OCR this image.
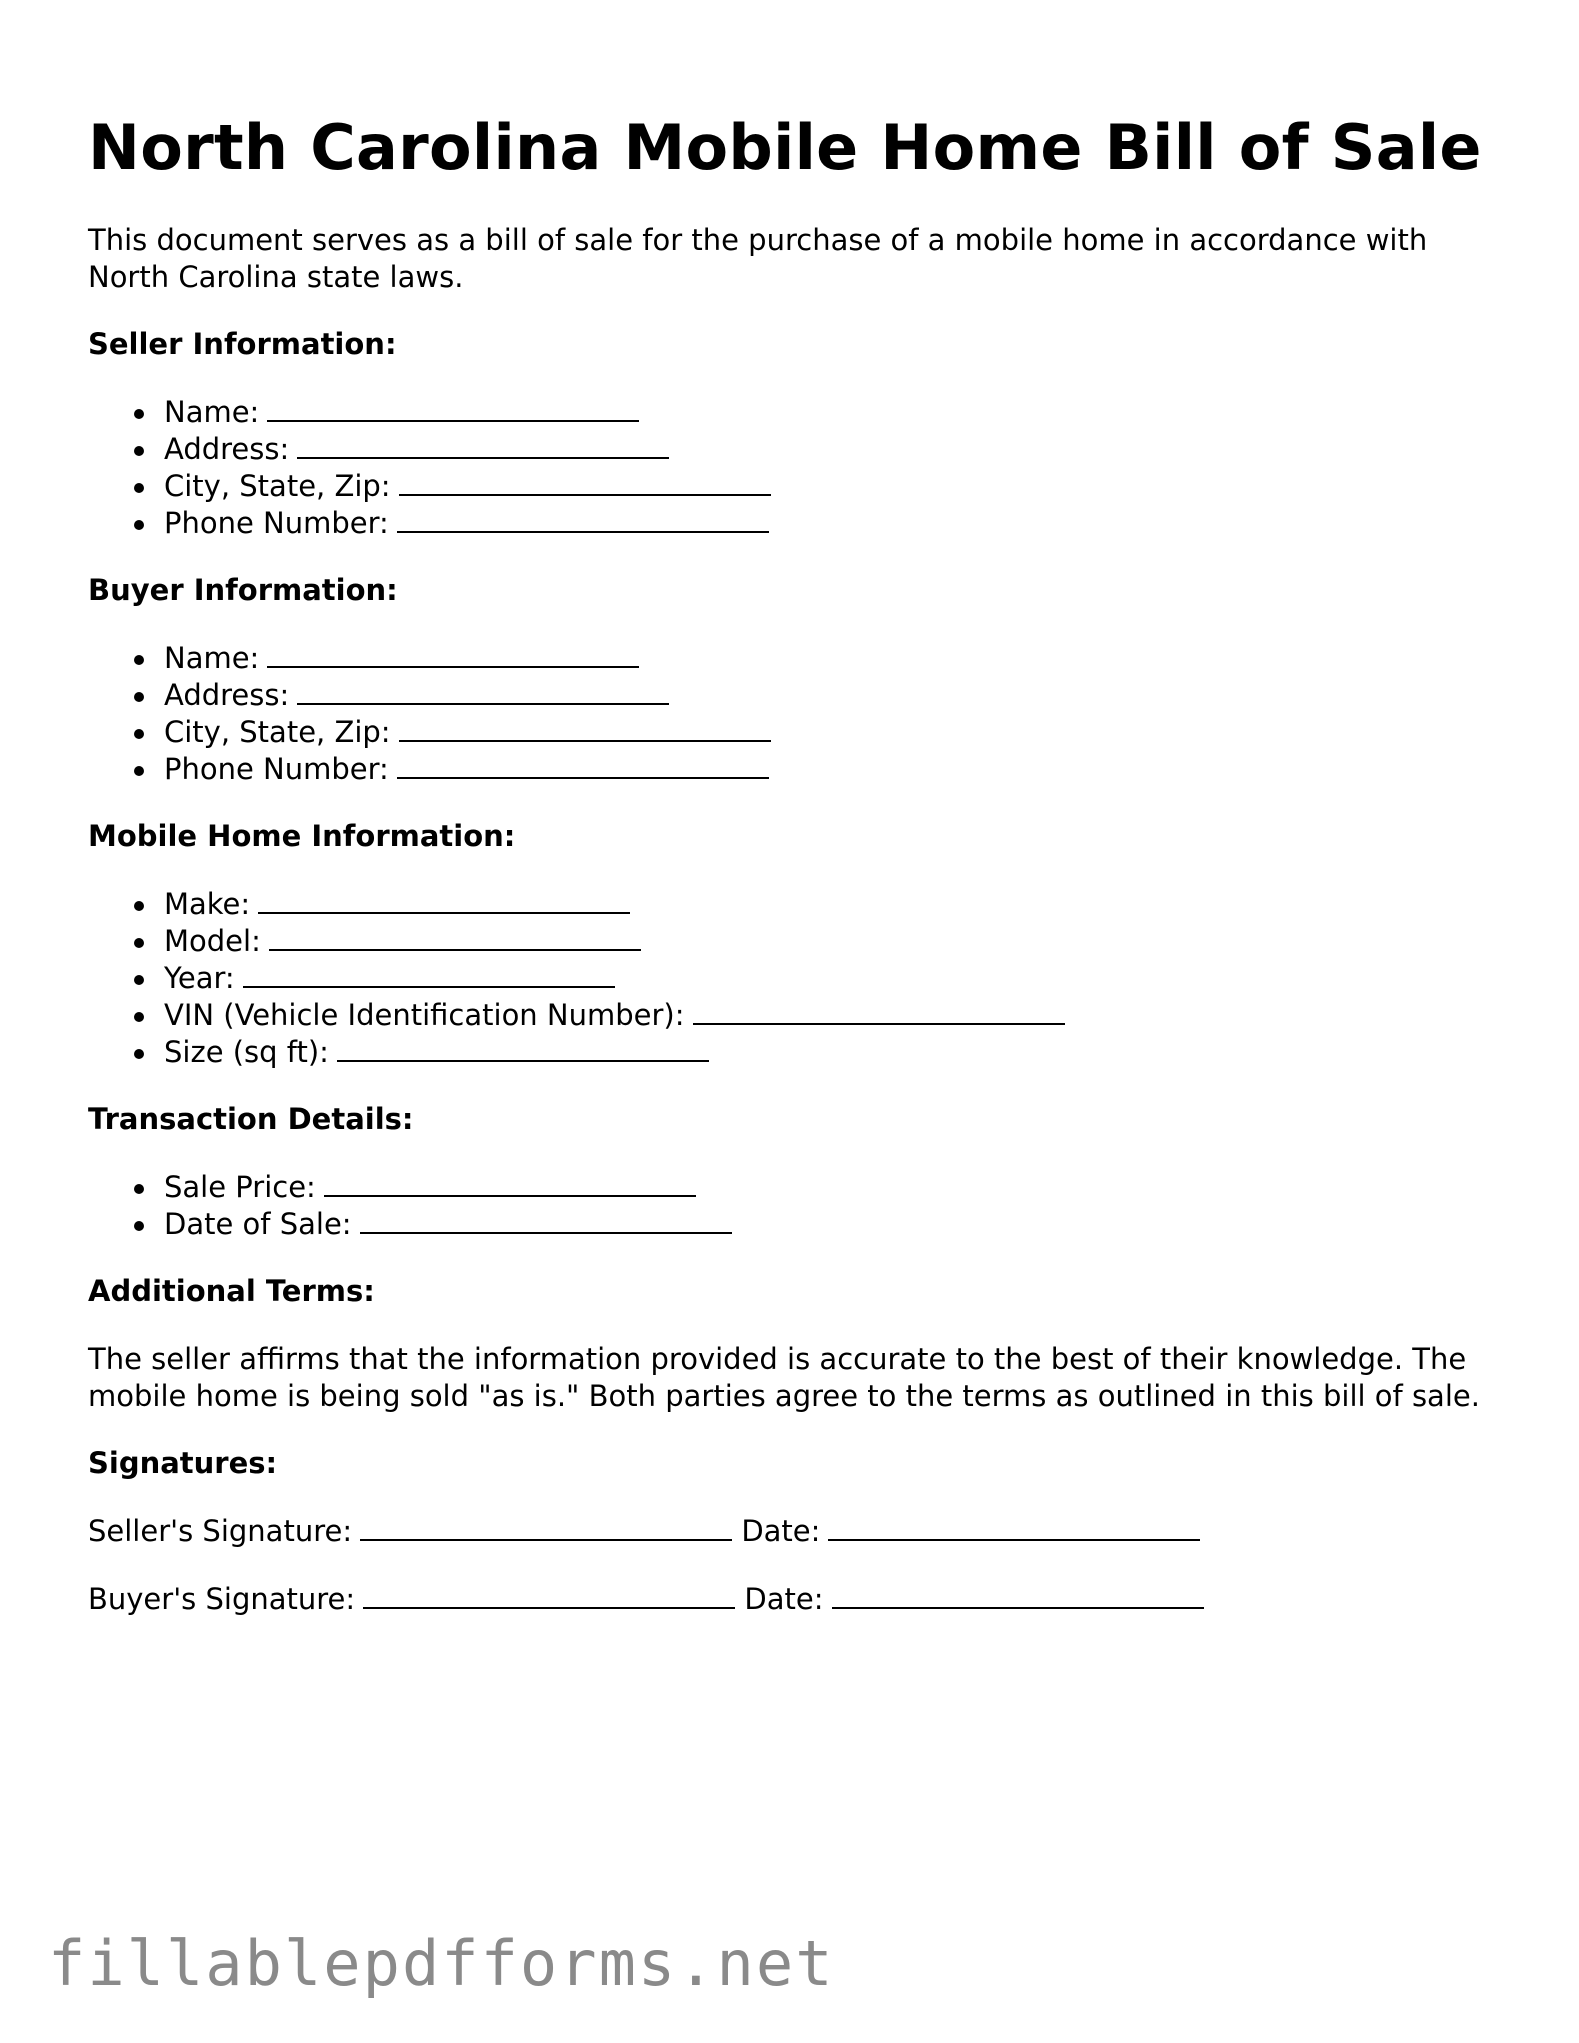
North Carolina Mobile Home Bill of Sale

This document serves as a bill of sale for the purchase of a mobile home in accordance with North Carolina state laws.

Seller Information:
Name:
Address:
City, State, Zip:
Phone Number:
Buyer Information:
Name:
Address:
City, State, Zip:
Phone Number:
Mobile Home Information:
Make:
Model:
Year:
VIN (Vehicle Identification Number):
Size (sq ft):
Transaction Details:
Sale Price:
Date of Sale:
Additional Terms:

The seller affirms that the information provided is accurate to the best of their knowledge. The mobile home is being sold "as is." Both parties agree to the terms as outlined in this bill of sale.

Signatures:
Seller's Signature:	Date:
Buyer's Signature:	Date:
fillablepdfforms.net
